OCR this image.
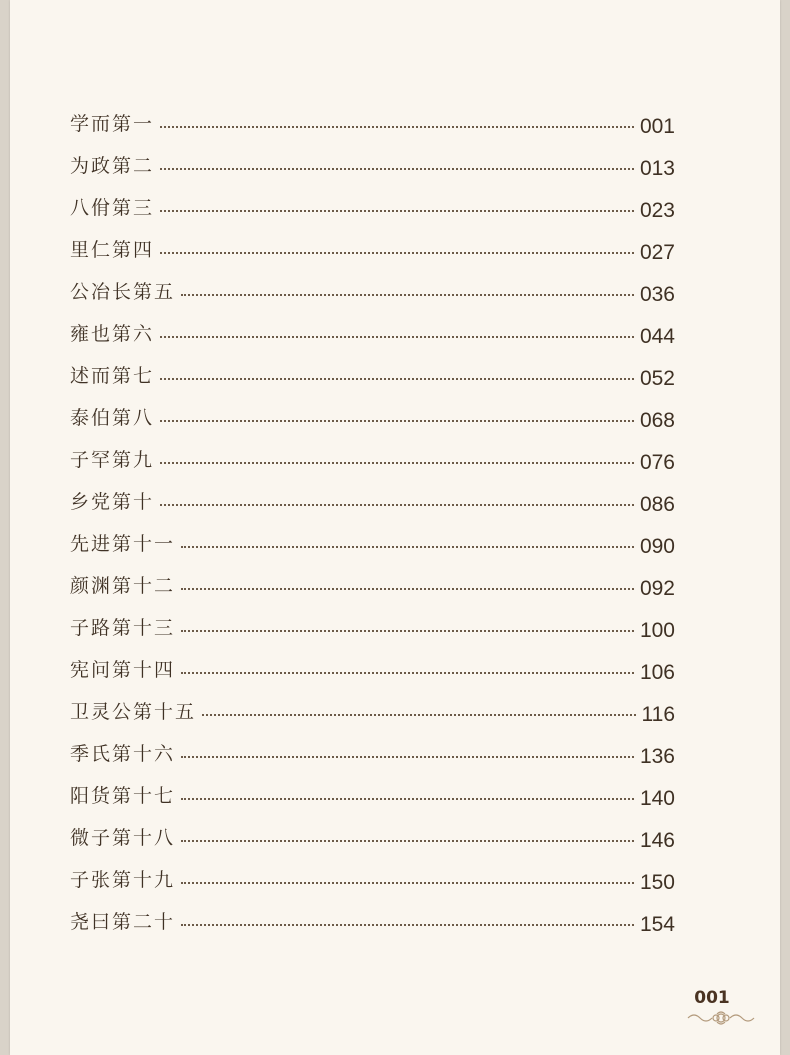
学而第一	001
为政第二	013
八佾第三	023
里仁第四	027
公冶长第五	036
雍也第六	044
述而第七	052
泰伯第八	068
子罕第九	076
乡党第十	086
先进第十一	090
颜渊第十二	092
子路第十三	100
宪问第十四	106
卫灵公第十五	116
季氏第十六	136
阳货第十七	140
微子第十八	146
子张第十九	150
尧曰第二十	154
001
